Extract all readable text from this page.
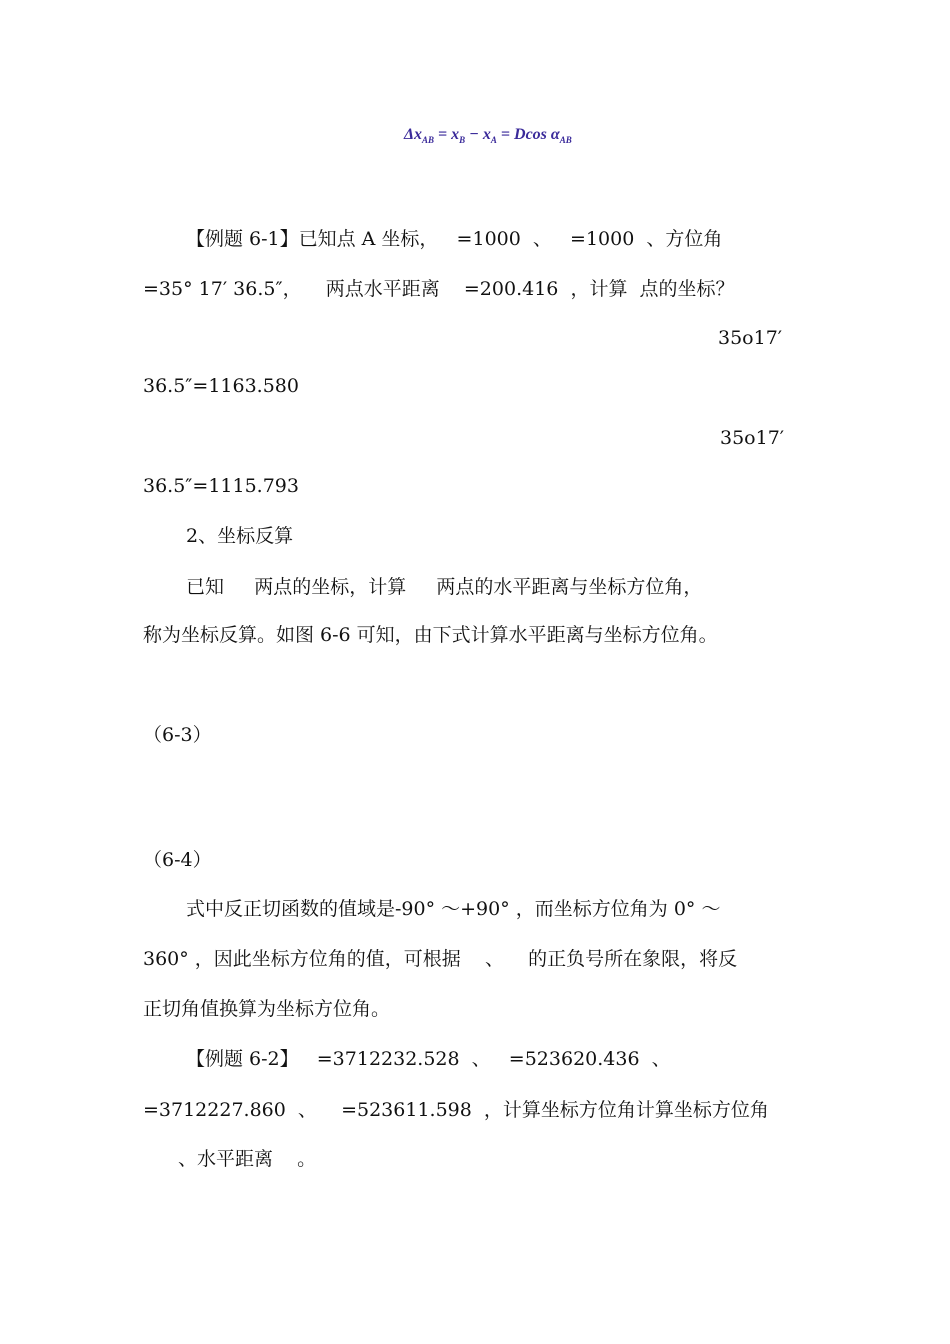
$\Delta x_{AB} = x_B - x_A = Dcos$ $\alpha_{AB}$
【例题 6-1】已知点 A 坐标，   =1000  、   =1000  、方位角
=35° 17′ 36.5″，    两点水平距离    =200.416  ，计算  点的坐标？
35o17′
36.5″=1163.580
35o17′
36.5″=1115.793
2、坐标反算
已知     两点的坐标，计算     两点的水平距离与坐标方位角，
称为坐标反算。如图 6-6 可知，由下式计算水平距离与坐标方位角。
（6-3）
（6-4）
式中反正切函数的值域是-90° ～+90° ，而坐标方位角为 0° ～
360° ，因此坐标方位角的值，可根据    、    的正负号所在象限，将反
正切角值换算为坐标方位角。
【例题 6-2】   =3712232.528  、   =523620.436  、
=3712227.860  、    =523611.598  ，计算坐标方位角计算坐标方位角
、水平距离    。
